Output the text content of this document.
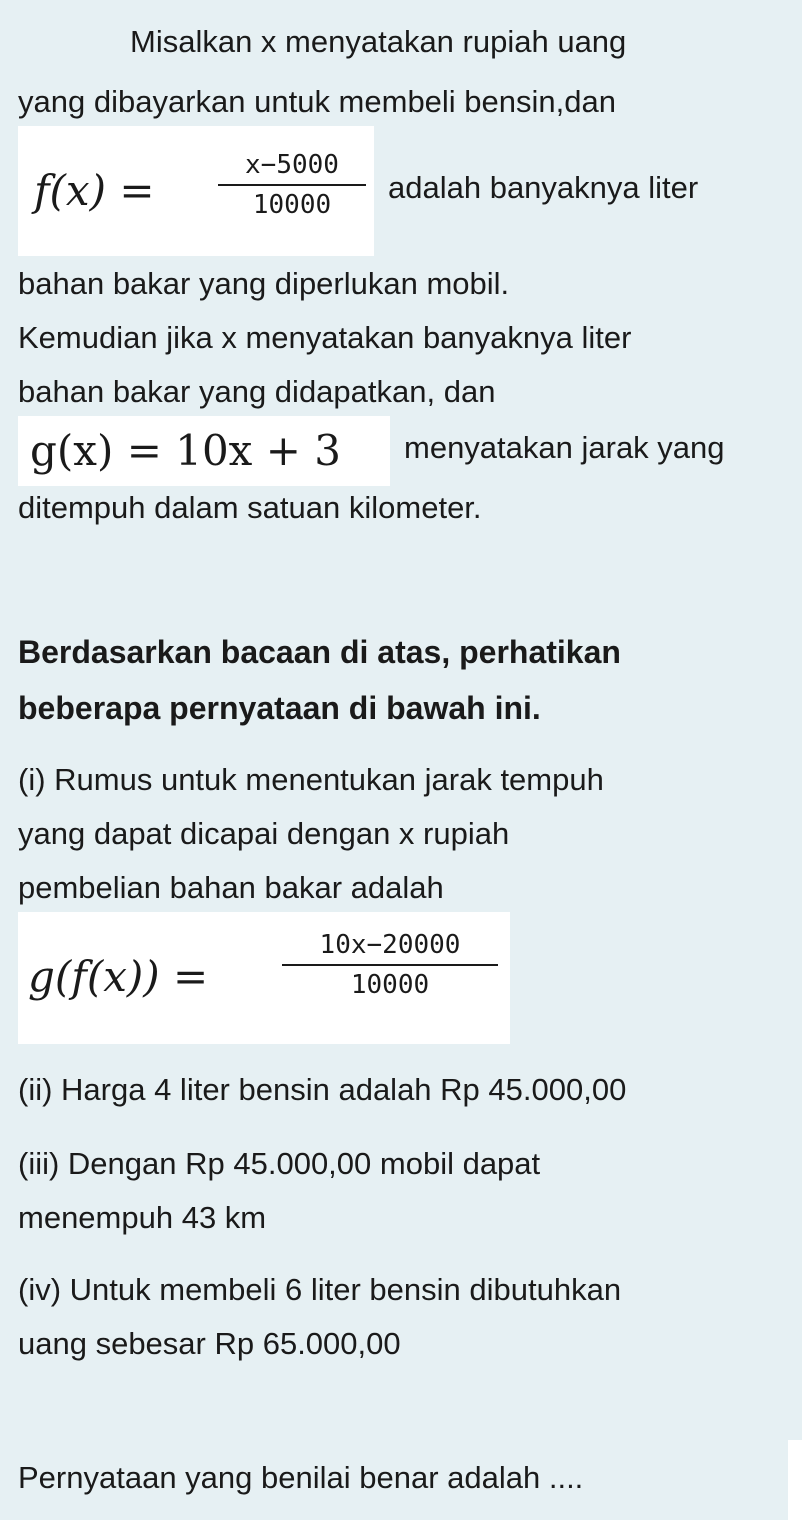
Misalkan x menyatakan rupiah uang
yang dibayarkan untuk membeli bensin,dan
f(x) =
x−5000
10000	adalah banyaknya liter
bahan bakar yang diperlukan mobil.
Kemudian jika x menyatakan banyaknya liter
bahan bakar yang didapatkan, dan
g(x) = 10x + 3 menyatakan jarak yang
ditempuh dalam satuan kilometer.
Berdasarkan bacaan di atas, perhatikan
beberapa pernyataan di bawah ini.
(i) Rumus untuk menentukan jarak tempuh
yang dapat dicapai dengan x rupiah
pembelian bahan bakar adalah
g(f(x)) =
10x−20000
10000
(ii) Harga 4 liter bensin adalah Rp 45.000,00
(iii) Dengan Rp 45.000,00 mobil dapat
menempuh 43 km
(iv) Untuk membeli 6 liter bensin dibutuhkan
uang sebesar Rp 65.000,00
Pernyataan yang benilai benar adalah ....
